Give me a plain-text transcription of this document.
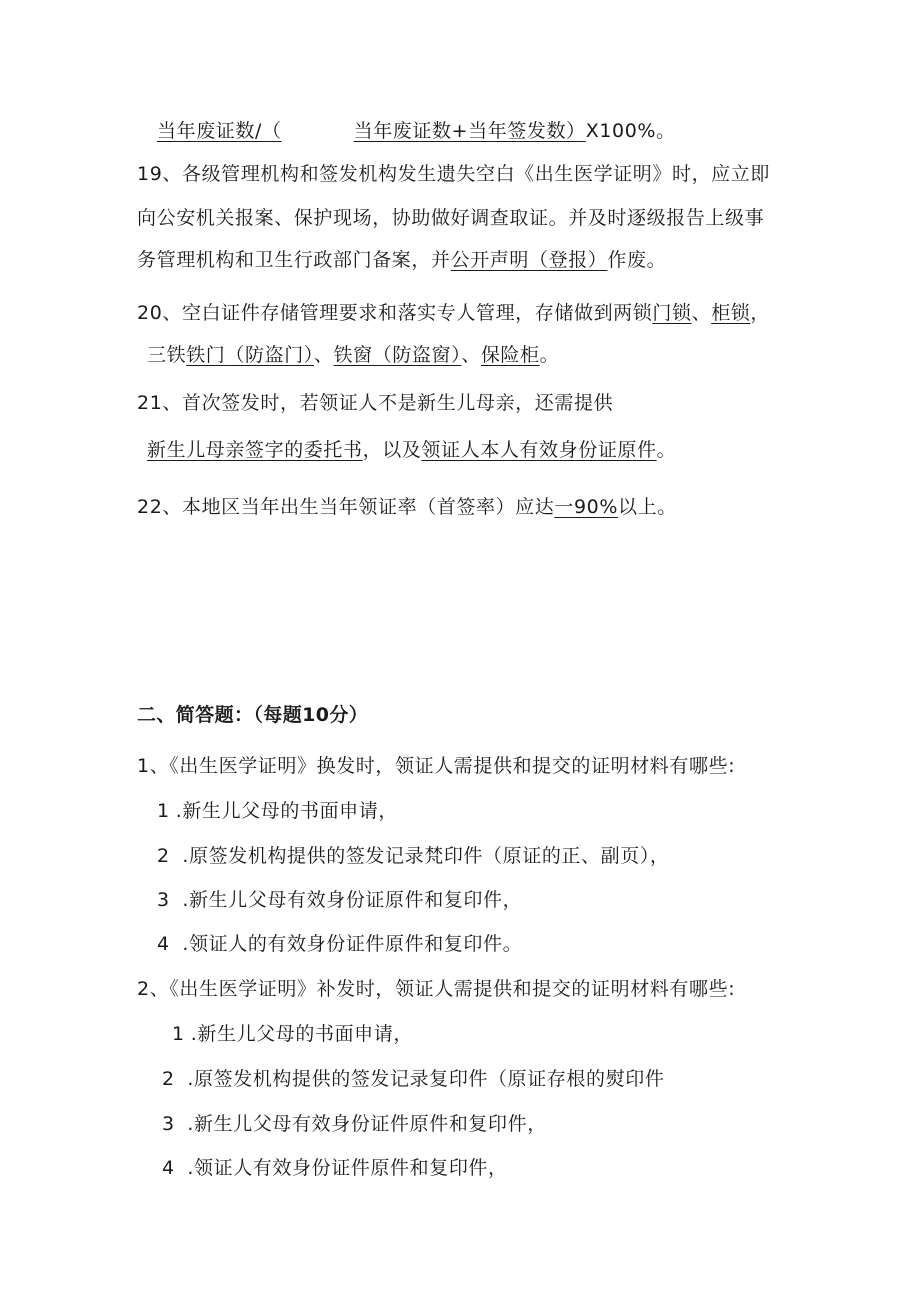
当年废证数/（	当年废证数+当年签发数）X100%。
19、各级管理机构和签发机构发生遗失空白《出生医学证明》时，应立即
向公安机关报案、保护现场，协助做好调查取证。并及时逐级报告上级事
务管理机构和卫生行政部门备案，并公开声明（登报）作废。
20、空白证件存储管理要求和落实专人管理，存储做到两锁门锁、柜锁，
三铁铁门（防盗门）、铁窗（防盗窗）、保险柜。
21、首次签发时，若领证人不是新生儿母亲，还需提供
新生儿母亲签字的委托书，以及领证人本人有效身份证原件。
22、本地区当年出生当年领证率（首签率）应达一90%以上。
二、简答题：（每题10分）
1、《出生医学证明》换发时，领证人需提供和提交的证明材料有哪些:
1 .新生儿父母的书面申请，
2 .原签发机构提供的签发记录梵印件（原证的正、副页），
3 .新生儿父母有效身份证原件和复印件，
4 .领证人的有效身份证件原件和复印件。
2、《出生医学证明》补发时，领证人需提供和提交的证明材料有哪些:
1 .新生儿父母的书面申请，
2 .原签发机构提供的签发记录复印件（原证存根的熨印件
3 .新生儿父母有效身份证件原件和复印件，
4 .领证人有效身份证件原件和复印件，
